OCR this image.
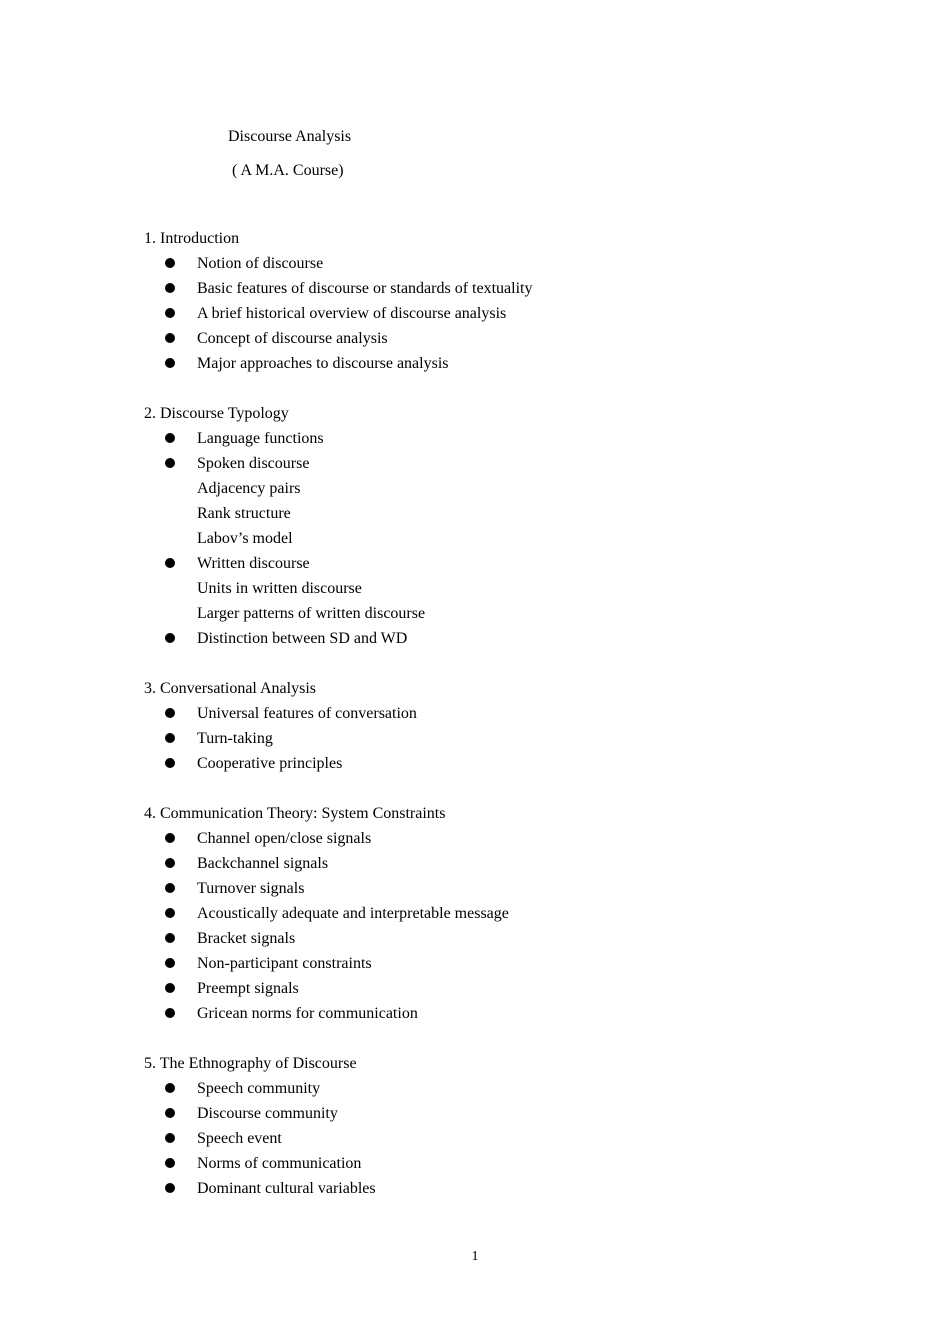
Discourse Analysis
( A M.A. Course)
1. Introduction
Notion of discourse
Basic features of discourse or standards of textuality
A brief historical overview of discourse analysis
Concept of discourse analysis
Major approaches to discourse analysis
2. Discourse Typology
Language functions
Spoken discourse
Adjacency pairs
Rank structure
Labov’s model
Written discourse
Units in written discourse
Larger patterns of written discourse
Distinction between SD and WD
3. Conversational Analysis
Universal features of conversation
Turn-taking
Cooperative principles
4. Communication Theory: System Constraints
Channel open/close signals
Backchannel signals
Turnover signals
Acoustically adequate and interpretable message
Bracket signals
Non-participant constraints
Preempt signals
Gricean norms for communication
5. The Ethnography of Discourse
Speech community
Discourse community
Speech event
Norms of communication
Dominant cultural variables
1
